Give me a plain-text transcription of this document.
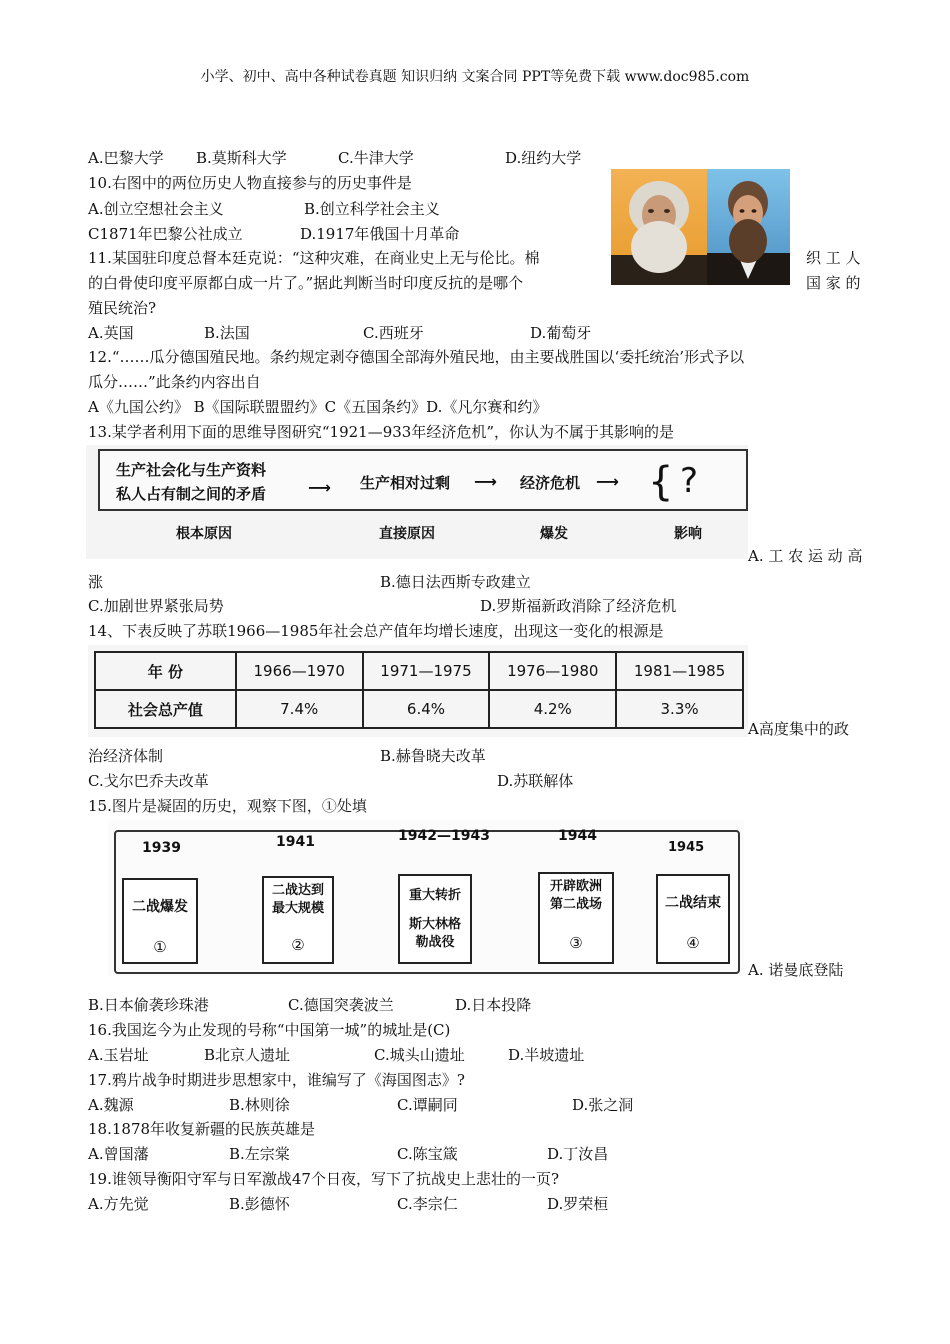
小学、初中、高中各种试卷真题 知识归纳 文案合同 PPT等免费下载 www.doc985.com
A.巴黎大学 B.莫斯科大学	C.牛津大学	D.纽约大学
10.右图中的两位历史人物直接参与的历史事件是
A.创立空想社会主义	B.创立科学社会主义
C1871年巴黎公社成立	D.1917年俄国十月革命
11.某国驻印度总督本廷克说：“这种灾难，在商业史上无与伦比。棉	织 工 人
的白骨使印度平原都白成一片了。”据此判断当时印度反抗的是哪个	国 家 的
殖民统治?
A.英国	B.法国	C.西班牙	D.葡萄牙
12.“……瓜分德国殖民地。条约规定剥夺德国全部海外殖民地，由主要战胜国以‘委托统治’形式予以
瓜分……”此条约内容出自
A《九国公约》 B《国际联盟盟约》C《五国条约》D.《凡尔赛和约》
13.某学者利用下面的思维导图研究“1921—933年经济危机”，你认为不属于其影响的是
生产社会化与生产资料
私人占有制之间的矛盾	⟶ 生产相对过剩 ⟶ 经济危机 ⟶ { ?
根本原因	直接原因	爆发	影响
A. 工 农 运 动 高
涨	B.德日法西斯专政建立
C.加剧世界紧张局势	D.罗斯福新政消除了经济危机
14、下表反映了苏联1966—1985年社会总产值年均增长速度，出现这一变化的根源是
年 份	1966—1970	1971—1975	1976—1980	1981—1985
社会总产值	7.4%	6.4%	4.2%	3.3%
A高度集中的政
治经济体制	B.赫鲁晓夫改革
C.戈尔巴乔夫改革	D.苏联解体
15.图片是凝固的历史，观察下图，①处填
1939	1941	1942—1943	1944
1945
二战爆发
①
二战达到最大规模
②
重大转折
斯大林格勒战役
开辟欧洲第二战场
③
二战结束
④
A. 诺曼底登陆
B.日本偷袭珍珠港	C.德国突袭波兰	D.日本投降
16.我国迄今为止发现的号称“中国第一城”的城址是(C)
A.玉岩址	B北京人遗址	C.城头山遗址	D.半坡遗址
17.鸦片战争时期进步思想家中，谁编写了《海国图志》?
A.魏源	B.林则徐	C.谭嗣同	D.张之洞
18.1878年收复新疆的民族英雄是
A.曾国藩	B.左宗棠	C.陈宝箴	D.丁汝昌
19.谁领导衡阳守军与日军激战47个日夜，写下了抗战史上悲壮的一页?
A.方先觉	B.彭德怀	C.李宗仁	D.罗荣桓
